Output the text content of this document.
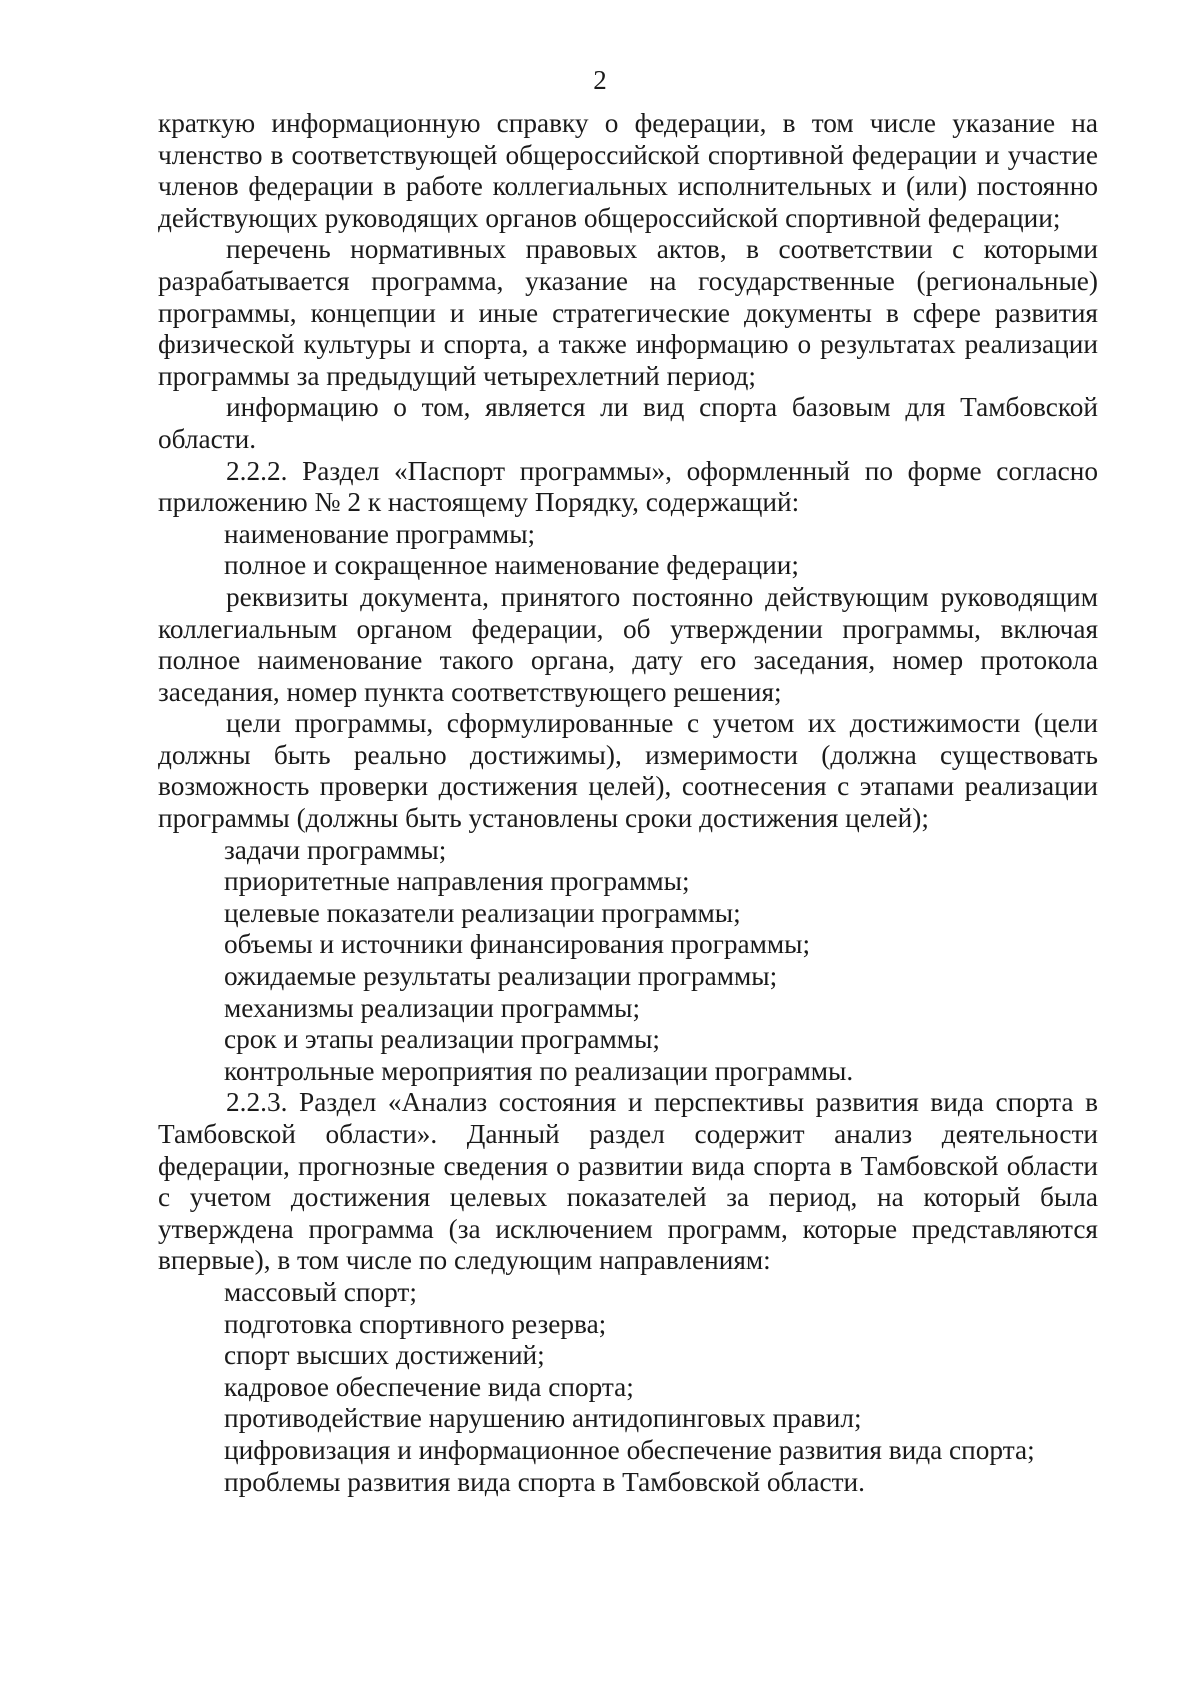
2

краткую информационную справку о федерации, в том числе указание на членство в соответствующей общероссийской спортивной федерации и участие членов федерации в работе коллегиальных исполнительных и (или) постоянно действующих руководящих органов общероссийской спортивной федерации;

перечень нормативных правовых актов, в соответствии с которыми разрабатывается программа, указание на государственные (региональные) программы, концепции и иные стратегические документы в сфере развития физической культуры и спорта, а также информацию о результатах реализации программы за предыдущий четырехлетний период;

информацию о том, является ли вид спорта базовым для Тамбовской области.

2.2.2. Раздел «Паспорт программы», оформленный по форме согласно приложению № 2 к настоящему Порядку, содержащий:

наименование программы;

полное и сокращенное наименование федерации;

реквизиты документа, принятого постоянно действующим руководящим коллегиальным органом федерации, об утверждении программы, включая полное наименование такого органа, дату его заседания, номер протокола заседания, номер пункта соответствующего решения;

цели программы, сформулированные с учетом их достижимости (цели должны быть реально достижимы), измеримости (должна существовать возможность проверки достижения целей), соотнесения с этапами реализации программы (должны быть установлены сроки достижения целей);

задачи программы;

приоритетные направления программы;

целевые показатели реализации программы;

объемы и источники финансирования программы;

ожидаемые результаты реализации программы;

механизмы реализации программы;

срок и этапы реализации программы;

контрольные мероприятия по реализации программы.

2.2.3. Раздел «Анализ состояния и перспективы развития вида спорта в Тамбовской области». Данный раздел содержит анализ деятельности федерации, прогнозные сведения о развитии вида спорта в Тамбовской области с учетом достижения целевых показателей за период, на который была утверждена программа (за исключением программ, которые представляются впервые), в том числе по следующим направлениям:

массовый спорт;

подготовка спортивного резерва;

спорт высших достижений;

кадровое обеспечение вида спорта;

противодействие нарушению антидопинговых правил;

цифровизация и информационное обеспечение развития вида спорта;

проблемы развития вида спорта в Тамбовской области.
